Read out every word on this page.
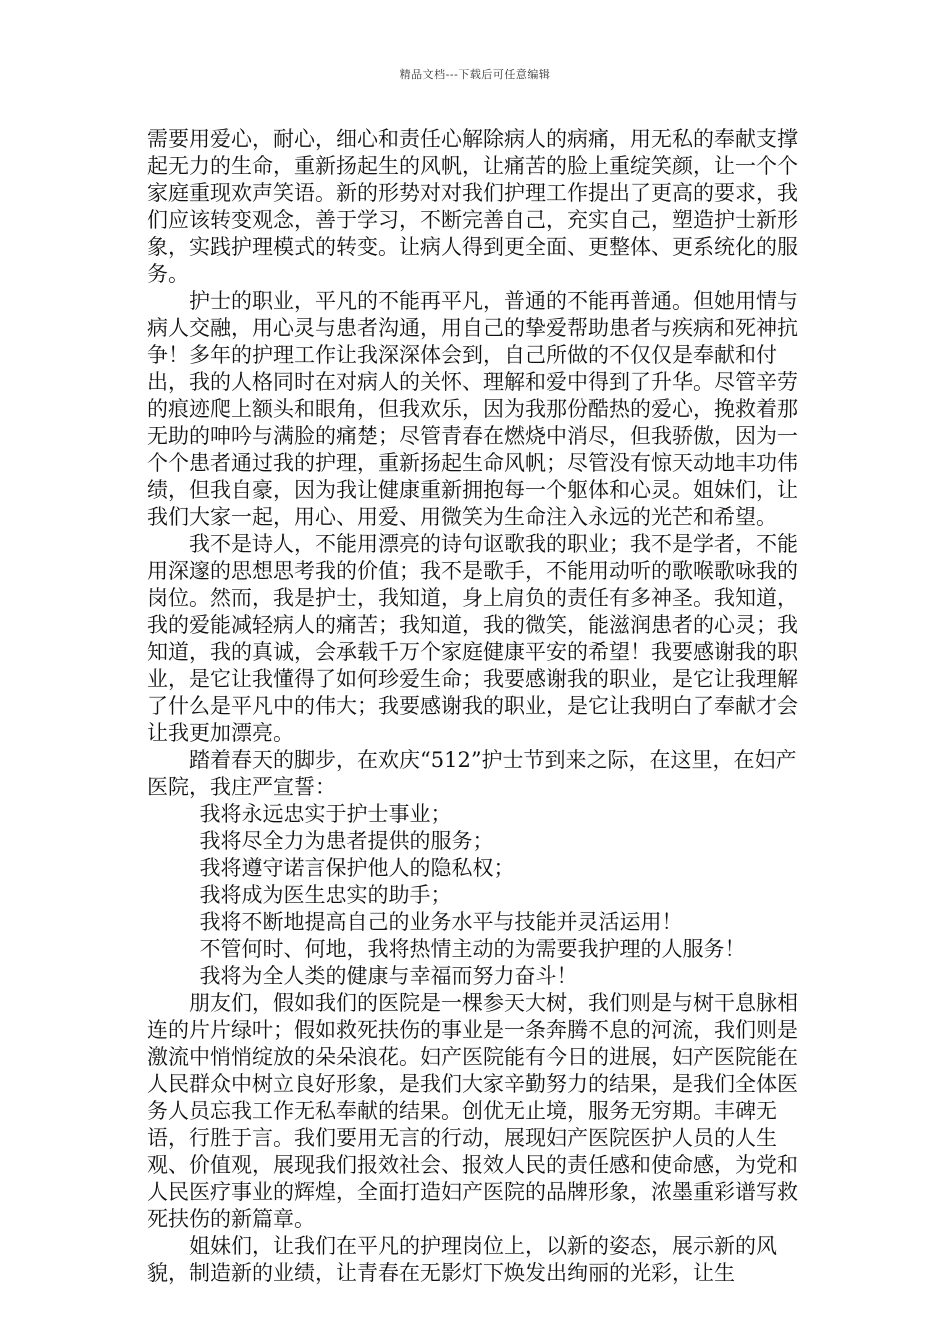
精品文档---下载后可任意编辑

需要用爱心，耐心，细心和责任心解除病人的病痛，用无私的奉献支撑起无力的生命，重新扬起生的风帆，让痛苦的脸上重绽笑颜，让一个个家庭重现欢声笑语。新的形势对对我们护理工作提出了更高的要求，我们应该转变观念，善于学习，不断完善自己，充实自己，塑造护士新形象，实践护理模式的转变。让病人得到更全面、更整体、更系统化的服务。

护士的职业，平凡的不能再平凡，普通的不能再普通。但她用情与病人交融，用心灵与患者沟通，用自己的挚爱帮助患者与疾病和死神抗争！多年的护理工作让我深深体会到，自己所做的不仅仅是奉献和付出，我的人格同时在对病人的关怀、理解和爱中得到了升华。尽管辛劳的痕迹爬上额头和眼角，但我欢乐，因为我那份酷热的爱心，挽救着那无助的呻吟与满脸的痛楚；尽管青春在燃烧中消尽，但我骄傲，因为一个个患者通过我的护理，重新扬起生命风帆；尽管没有惊天动地丰功伟绩，但我自豪，因为我让健康重新拥抱每一个躯体和心灵。姐妹们，让我们大家一起，用心、用爱、用微笑为生命注入永远的光芒和希望。

我不是诗人，不能用漂亮的诗句讴歌我的职业；我不是学者，不能用深邃的思想思考我的价值；我不是歌手，不能用动听的歌喉歌咏我的岗位。然而，我是护士，我知道，身上肩负的责任有多神圣。我知道，我的爱能减轻病人的痛苦；我知道，我的微笑，能滋润患者的心灵；我知道，我的真诚，会承载千万个家庭健康平安的希望！我要感谢我的职业，是它让我懂得了如何珍爱生命；我要感谢我的职业，是它让我理解了什么是平凡中的伟大；我要感谢我的职业，是它让我明白了奉献才会让我更加漂亮。

踏着春天的脚步，在欢庆“512”护士节到来之际，在这里，在妇产医院，我庄严宣誓：

我将永远忠实于护士事业；

我将尽全力为患者提供的服务；

我将遵守诺言保护他人的隐私权；

我将成为医生忠实的助手；

我将不断地提高自己的业务水平与技能并灵活运用！

不管何时、何地，我将热情主动的为需要我护理的人服务！

我将为全人类的健康与幸福而努力奋斗！

朋友们，假如我们的医院是一棵参天大树，我们则是与树干息脉相连的片片绿叶；假如救死扶伤的事业是一条奔腾不息的河流，我们则是激流中悄悄绽放的朵朵浪花。妇产医院能有今日的进展，妇产医院能在人民群众中树立良好形象，是我们大家辛勤努力的结果，是我们全体医务人员忘我工作无私奉献的结果。创优无止境，服务无穷期。丰碑无语，行胜于言。我们要用无言的行动，展现妇产医院医护人员的人生观、价值观，展现我们报效社会、报效人民的责任感和使命感，为党和人民医疗事业的辉煌，全面打造妇产医院的品牌形象，浓墨重彩谱写救死扶伤的新篇章。

姐妹们，让我们在平凡的护理岗位上，以新的姿态，展示新的风貌，制造新的业绩，让青春在无影灯下焕发出绚丽的光彩，让生
